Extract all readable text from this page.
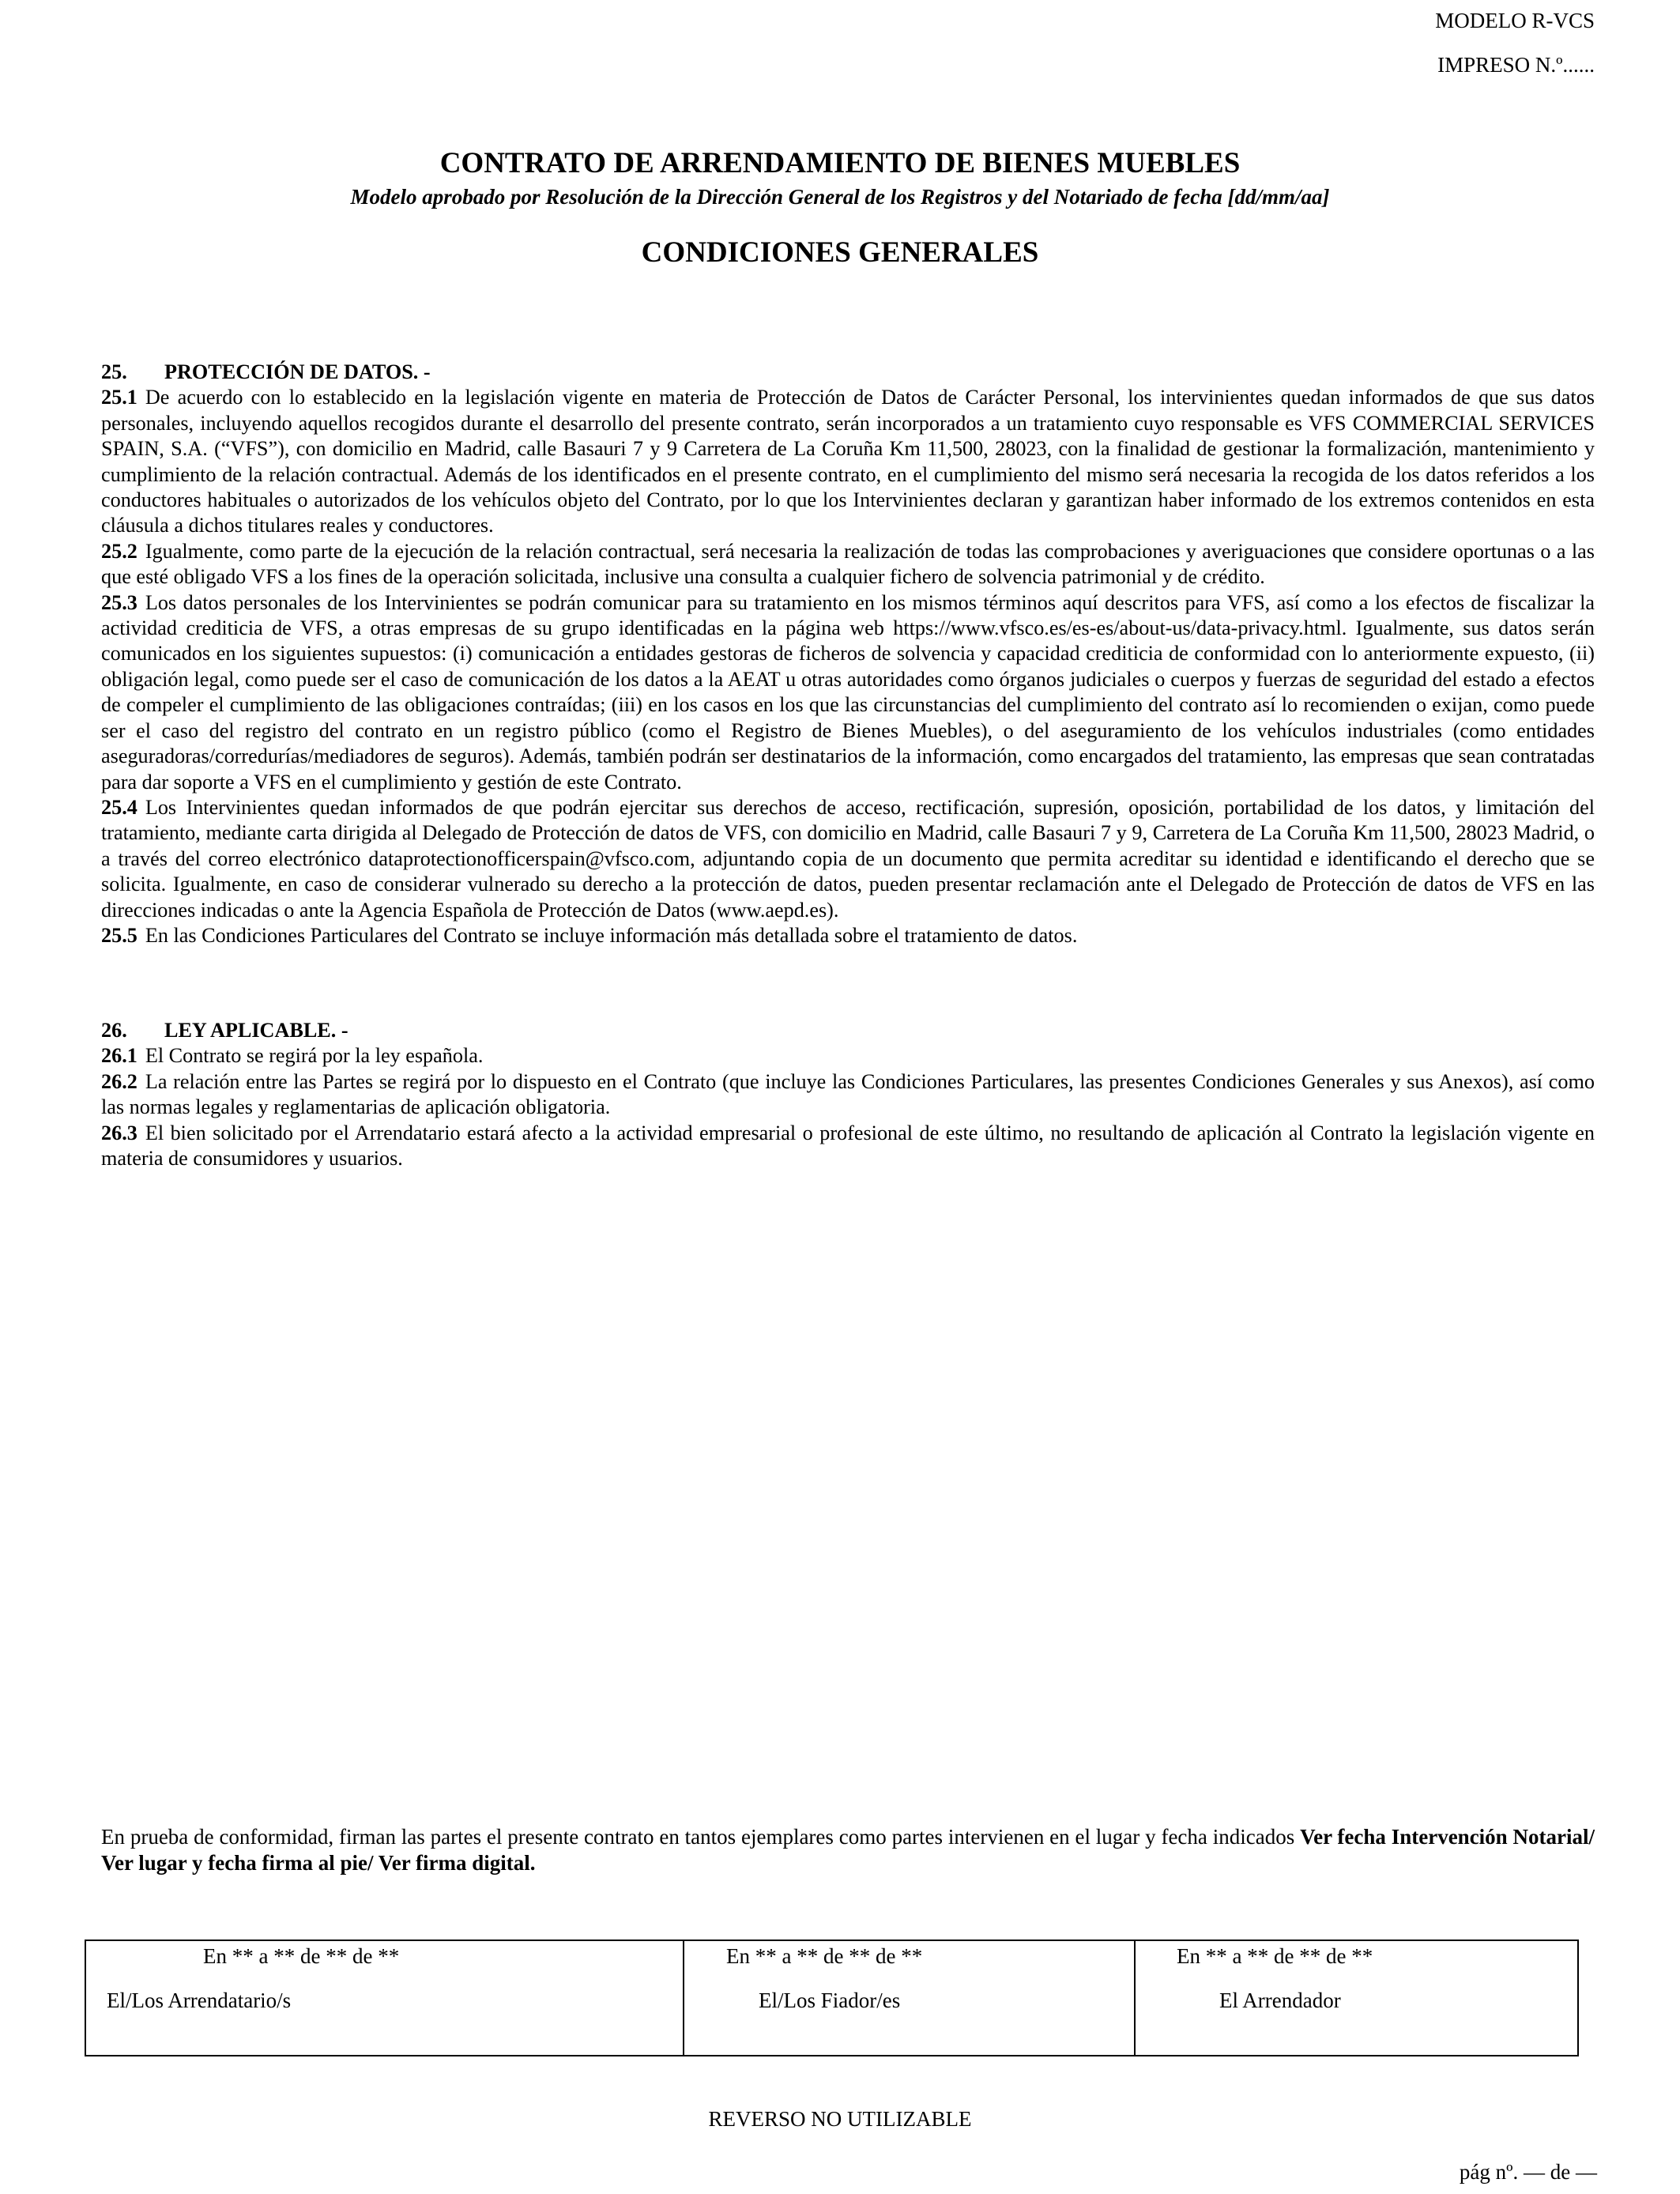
MODELO R-VCS
IMPRESO N.º......
CONTRATO DE ARRENDAMIENTO DE BIENES MUEBLES
Modelo aprobado por Resolución de la Dirección General de los Registros y del Notariado de fecha [dd/mm/aa]
CONDICIONES GENERALES

25. PROTECCIÓN DE DATOS. -

25.1 De acuerdo con lo establecido en la legislación vigente en materia de Protección de Datos de Carácter Personal, los intervinientes quedan informados de que sus datos personales, incluyendo aquellos recogidos durante el desarrollo del presente contrato, serán incorporados a un tratamiento cuyo responsable es VFS COMMERCIAL SERVICES SPAIN, S.A. (“VFS”), con domicilio en Madrid, calle Basauri 7 y 9 Carretera de La Coruña Km 11,500, 28023, con la finalidad de gestionar la formalización, mantenimiento y cumplimiento de la relación contractual. Además de los identificados en el presente contrato, en el cumplimiento del mismo será necesaria la recogida de los datos referidos a los conductores habituales o autorizados de los vehículos objeto del Contrato, por lo que los Intervinientes declaran y garantizan haber informado de los extremos contenidos en esta cláusula a dichos titulares reales y conductores.

25.2 Igualmente, como parte de la ejecución de la relación contractual, será necesaria la realización de todas las comprobaciones y averiguaciones que considere oportunas o a las que esté obligado VFS a los fines de la operación solicitada, inclusive una consulta a cualquier fichero de solvencia patrimonial y de crédito.

25.3 Los datos personales de los Intervinientes se podrán comunicar para su tratamiento en los mismos términos aquí descritos para VFS, así como a los efectos de fiscalizar la actividad crediticia de VFS, a otras empresas de su grupo identificadas en la página web https://www.vfsco.es/es-es/about-us/data-privacy.html. Igualmente, sus datos serán comunicados en los siguientes supuestos: (i) comunicación a entidades gestoras de ficheros de solvencia y capacidad crediticia de conformidad con lo anteriormente expuesto, (ii) obligación legal, como puede ser el caso de comunicación de los datos a la AEAT u otras autoridades como órganos judiciales o cuerpos y fuerzas de seguridad del estado a efectos de compeler el cumplimiento de las obligaciones contraídas; (iii) en los casos en los que las circunstancias del cumplimiento del contrato así lo recomienden o exijan, como puede ser el caso del registro del contrato en un registro público (como el Registro de Bienes Muebles), o del aseguramiento de los vehículos industriales (como entidades aseguradoras/corredurías/mediadores de seguros). Además, también podrán ser destinatarios de la información, como encargados del tratamiento, las empresas que sean contratadas para dar soporte a VFS en el cumplimiento y gestión de este Contrato.

25.4 Los Intervinientes quedan informados de que podrán ejercitar sus derechos de acceso, rectificación, supresión, oposición, portabilidad de los datos, y limitación del tratamiento, mediante carta dirigida al Delegado de Protección de datos de VFS, con domicilio en Madrid, calle Basauri 7 y 9, Carretera de La Coruña Km 11,500, 28023 Madrid, o a través del correo electrónico dataprotectionofficerspain@vfsco.com, adjuntando copia de un documento que permita acreditar su identidad e identificando el derecho que se solicita. Igualmente, en caso de considerar vulnerado su derecho a la protección de datos, pueden presentar reclamación ante el Delegado de Protección de datos de VFS en las direcciones indicadas o ante la Agencia Española de Protección de Datos (www.aepd.es).

25.5 En las Condiciones Particulares del Contrato se incluye información más detallada sobre el tratamiento de datos.

26. LEY APLICABLE. -

26.1 El Contrato se regirá por la ley española.

26.2 La relación entre las Partes se regirá por lo dispuesto en el Contrato (que incluye las Condiciones Particulares, las presentes Condiciones Generales y sus Anexos), así como las normas legales y reglamentarias de aplicación obligatoria.

26.3 El bien solicitado por el Arrendatario estará afecto a la actividad empresarial o profesional de este último, no resultando de aplicación al Contrato la legislación vigente en materia de consumidores y usuarios.

En prueba de conformidad, firman las partes el presente contrato en tantos ejemplares como partes intervienen en el lugar y fecha indicados Ver fecha Intervención Notarial/ Ver lugar y fecha firma al pie/ Ver firma digital.
En ** a ** de ** de **	En ** a ** de ** de **	En ** a ** de ** de **
El/Los Arrendatario/s	El/Los Fiador/es	El Arrendador
REVERSO NO UTILIZABLE
pág nº. — de —
